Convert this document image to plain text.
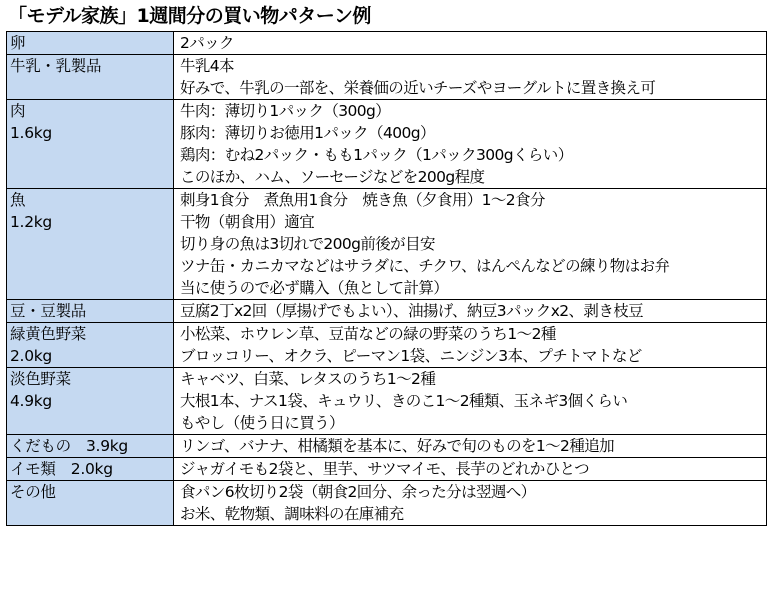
「モデル家族」1週間分の買い物パターン例
卵	2パック

牛乳・乳製品	牛乳4本
好みで、牛乳の一部を、栄養価の近いチーズやヨーグルトに置き換え可

肉
1.6kg	牛肉：薄切り1パック（300g）
豚肉：薄切りお徳用1パック（400g）
鶏肉：むね2パック・もも1パック（1パック300gくらい）
このほか、ハム、ソーセージなどを200g程度

魚
1.2kg	刺身1食分　煮魚用1食分　焼き魚（夕食用）1～2食分
干物（朝食用）適宜
切り身の魚は3切れで200g前後が目安
ツナ缶・カニカマなどはサラダに、チクワ、はんぺんなどの練り物はお弁
当に使うので必ず購入（魚として計算）

豆・豆製品	豆腐2丁x2回（厚揚げでもよい）、油揚げ、納豆3パックx2、剥き枝豆

緑黄色野菜
2.0kg	小松菜、ホウレン草、豆苗などの緑の野菜のうち1～2種
ブロッコリー、オクラ、ピーマン1袋、ニンジン3本、プチトマトなど

淡色野菜
4.9kg	キャベツ、白菜、レタスのうち1～2種
大根1本、ナス1袋、キュウリ、きのこ1～2種類、玉ネギ3個くらい
もやし（使う日に買う）

くだもの　3.9kg	リンゴ、バナナ、柑橘類を基本に、好みで旬のものを1～2種追加

イモ類　2.0kg	ジャガイモも2袋と、里芋、サツマイモ、長芋のどれかひとつ

その他	食パン6枚切り2袋（朝食2回分、余った分は翌週へ）
お米、乾物類、調味料の在庫補充
